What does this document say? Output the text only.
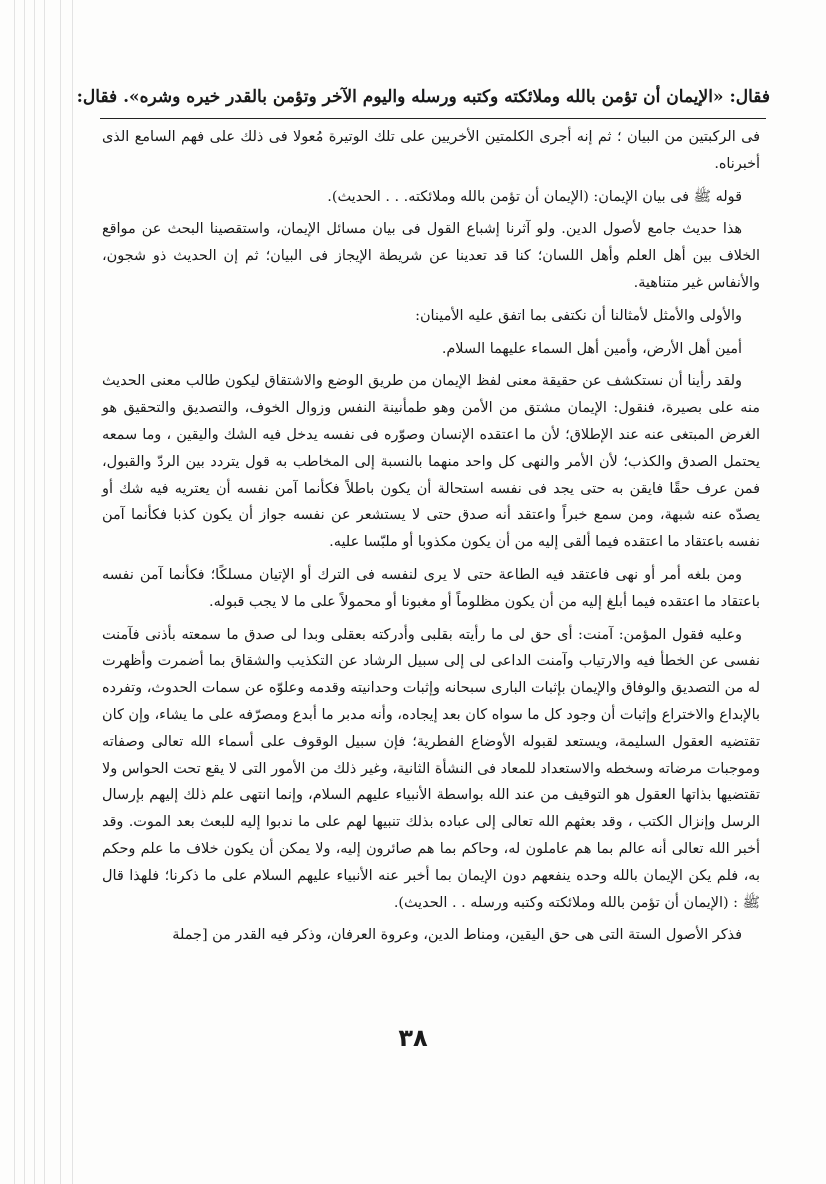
فقال: «الإيمان أن تؤمن بالله وملائكته وكتبه ورسله واليوم الآخر وتؤمن بالقدر خيره وشره». فقال:

فى الركبتين من البيان ؛ ثم إنه أجرى الكلمتين الأخريين على تلك الوتيرة مُعولا فى ذلك على فهم السامع الذى أخبرناه.

قوله ﷺ فى بيان الإيمان: (الإيمان أن تؤمن بالله وملائكته. . . الحديث).

هذا حديث جامع لأصول الدين. ولو آثرنا إشباع القول فى بيان مسائل الإيمان، واستقصينا البحث عن مواقع الخلاف بين أهل العلم وأهل اللسان؛ كنا قد تعدينا عن شريطة الإيجاز فى البيان؛ ثم إن الحديث ذو شجون، والأنفاس غير متناهية.

والأولى والأمثل لأمثالنا أن نكتفى بما اتفق عليه الأمينان:

أمين أهل الأرض، وأمين أهل السماء عليهما السلام.

ولقد رأينا أن نستكشف عن حقيقة معنى لفظ الإيمان من طريق الوضع والاشتقاق ليكون طالب معنى الحديث منه على بصيرة، فنقول: الإيمان مشتق من الأمن وهو طمأنينة النفس وزوال الخوف، والتصديق والتحقيق هو الغرض المبتغى عنه عند الإطلاق؛ لأن ما اعتقده الإنسان وصوّره فى نفسه يدخل فيه الشك واليقين ، وما سمعه يحتمل الصدق والكذب؛ لأن الأمر والنهى كل واحد منهما بالنسبة إلى المخاطب به قول يتردد بين الردّ والقبول، فمن عرف حقًا فايقن به حتى يجد فى نفسه استحالة أن يكون باطلاً فكأنما آمن نفسه أن يعتريه فيه شك أو يصدّه عنه شبهة، ومن سمع خبراً واعتقد أنه صدق حتى لا يستشعر عن نفسه جواز أن يكون كذبا فكأنما آمن نفسه باعتقاد ما اعتقده فيما ألقى إليه من أن يكون مكذوبا أو ملبّسا عليه.

ومن بلغه أمر أو نهى فاعتقد فيه الطاعة حتى لا يرى لنفسه فى الترك أو الإتيان مسلكًا؛ فكأنما آمن نفسه باعتقاد ما اعتقده فيما أبلغ إليه من أن يكون مظلوماً أو مغبونا أو محمولاً على ما لا يجب قبوله.

وعليه فقول المؤمن: آمنت: أى حق لى ما رأيته بقلبى وأدركته بعقلى وبدا لى صدق ما سمعته بأذنى فآمنت نفسى عن الخطأ فيه والارتياب وآمنت الداعى لى إلى سبيل الرشاد عن التكذيب والشقاق بما أضمرت وأظهرت له من التصديق والوفاق والإيمان بإثبات البارى سبحانه وإثبات وحدانيته وقدمه وعلوّه عن سمات الحدوث، وتفرده بالإبداع والاختراع وإثبات أن وجود كل ما سواه كان بعد إيجاده، وأنه مدبر ما أبدع ومصرّفه على ما يشاء، وإن كان تقتضيه العقول السليمة، ويستعد لقبوله الأوضاع الفطرية؛ فإن سبيل الوقوف على أسماء الله تعالى وصفاته وموجبات مرضاته وسخطه والاستعداد للمعاد فى النشأة الثانية، وغير ذلك من الأمور التى لا يقع تحت الحواس ولا تقتضيها بذاتها العقول هو التوقيف من عند الله بواسطة الأنبياء عليهم السلام، وإنما انتهى علم ذلك إليهم بإرسال الرسل وإنزال الكتب ، وقد بعثهم الله تعالى إلى عباده بذلك تنبيها لهم على ما ندبوا إليه للبعث بعد الموت. وقد أخبر الله تعالى أنه عالم بما هم عاملون له، وحاكم بما هم صائرون إليه، ولا يمكن أن يكون خلاف ما علم وحكم به، فلم يكن الإيمان بالله وحده ينفعهم دون الإيمان بما أخبر عنه الأنبياء عليهم السلام على ما ذكرنا؛ فلهذا قال ﷺ : (الإيمان أن تؤمن بالله وملائكته وكتبه ورسله . . الحديث).

فذكر الأصول الستة التى هى حق اليقين، ومناط الدين، وعروة العرفان، وذكر فيه القدر من [جملة

٣٨
